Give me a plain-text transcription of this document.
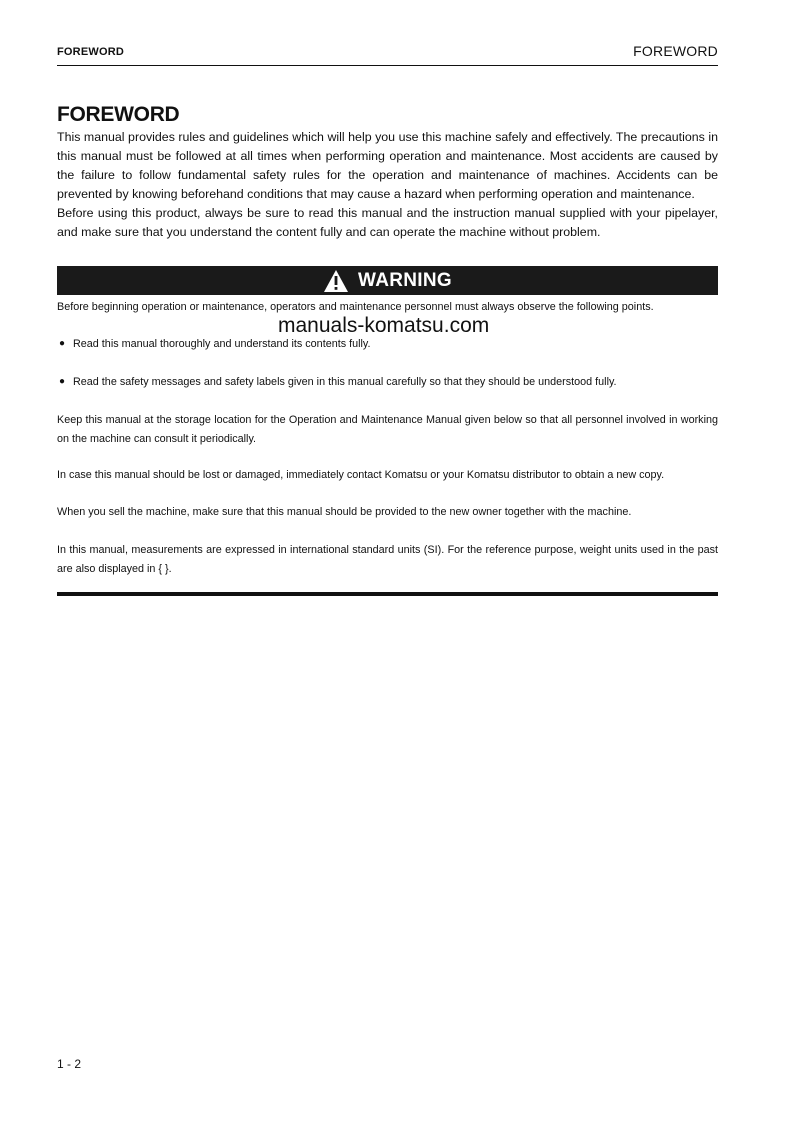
FOREWORD	FOREWORD
FOREWORD

This manual provides rules and guidelines which will help you use this machine safely and effectively. The precautions in this manual must be followed at all times when performing operation and maintenance. Most accidents are caused by the failure to follow fundamental safety rules for the operation and maintenance of machines. Accidents can be prevented by knowing beforehand conditions that may cause a hazard when performing operation and maintenance.

Before using this product, always be sure to read this manual and the instruction manual supplied with your pipelayer, and make sure that you understand the content fully and can operate the machine without problem.

WARNING

Before beginning operation or maintenance, operators and maintenance personnel must always observe the following points.

manuals-komatsu.com
● Read this manual thoroughly and understand its contents fully.
● Read the safety messages and safety labels given in this manual carefully so that they should be understood fully.

Keep this manual at the storage location for the Operation and Maintenance Manual given below so that all personnel involved in working on the machine can consult it periodically.

In case this manual should be lost or damaged, immediately contact Komatsu or your Komatsu distributor to obtain a new copy.

When you sell the machine, make sure that this manual should be provided to the new owner together with the machine.

In this manual, measurements are expressed in international standard units (SI). For the reference purpose, weight units used in the past are also displayed in { }.

1 - 2
